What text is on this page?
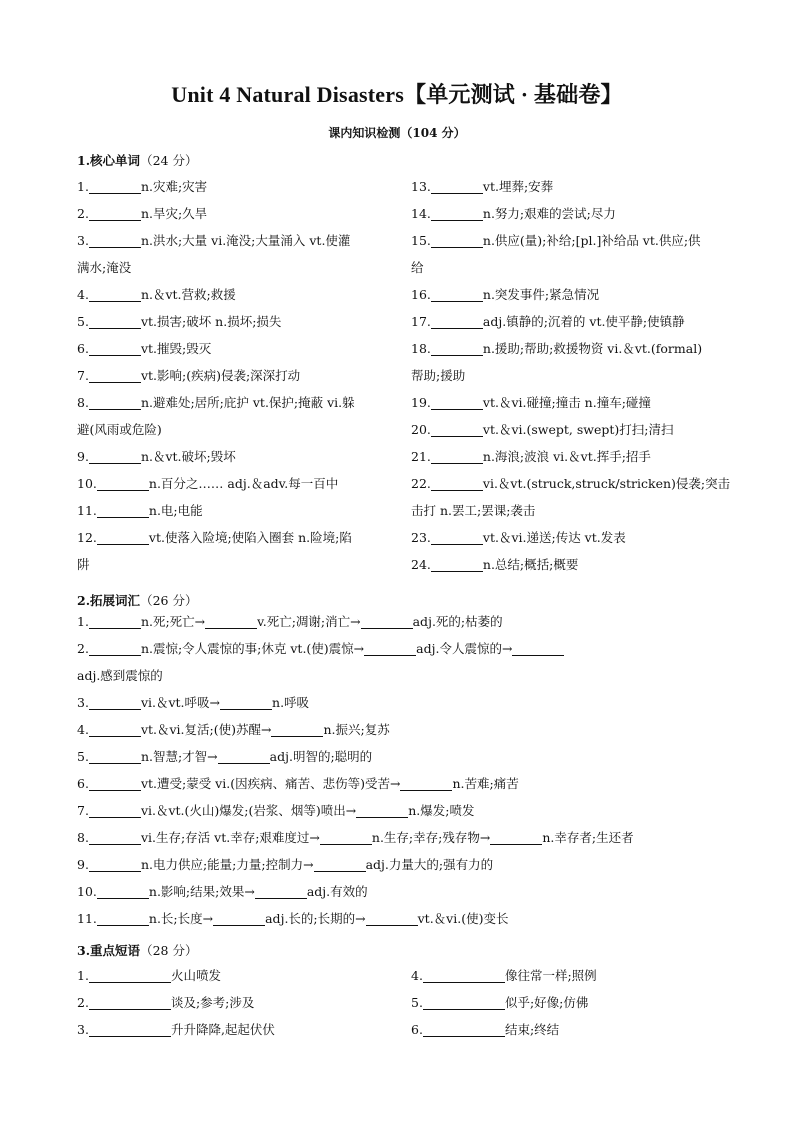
Unit 4 Natural Disasters【单元测试 · 基础卷】
课内知识检测（104 分）
1.核心单词（24 分）
1.	n.灾难;灾害
2.	n.旱灾;久旱
3.	n.洪水;大量 vi.淹没;大量涌入 vt.使灌
满水;淹没
4.	n.＆vt.营救;救援
5.	vt.损害;破坏 n.损坏;损失
6.	vt.摧毁;毁灭
7.	vt.影响;(疾病)侵袭;深深打动
8.	n.避难处;居所;庇护 vt.保护;掩蔽 vi.躲
避(风雨或危险)
9.	n.＆vt.破坏;毁坏
10.	n.百分之…… adj.＆adv.每一百中
11.	n.电;电能
12.	vt.使落入险境;使陷入圈套 n.险境;陷
阱
13.	vt.埋葬;安葬
14.	n.努力;艰难的尝试;尽力
15.	n.供应(量);补给;[pl.]补给品 vt.供应;供
给
16.	n.突发事件;紧急情况
17.	adj.镇静的;沉着的 vt.使平静;使镇静
18.	n.援助;帮助;救援物资 vi.＆vt.(formal)
帮助;援助
19.	vt.＆vi.碰撞;撞击 n.撞车;碰撞
20.	vt.＆vi.(swept, swept)打扫;清扫
21.	n.海浪;波浪 vi.＆vt.挥手;招手
22.	vi.＆vt.(struck,struck/stricken)侵袭;突击
击打 n.罢工;罢课;袭击
23.	vt.＆vi.递送;传达 vt.发表
24.	n.总结;概括;概要
2.拓展词汇（26 分）
1.	n.死;死亡→	v.死亡;凋谢;消亡→	adj.死的;枯萎的
2.	n.震惊;令人震惊的事;休克 vt.(使)震惊→	adj.令人震惊的→
adj.感到震惊的
3.	vi.＆vt.呼吸→	n.呼吸
4.	vt.＆vi.复活;(使)苏醒→	n.振兴;复苏
5.	n.智慧;才智→	adj.明智的;聪明的
6.	vt.遭受;蒙受 vi.(因疾病、痛苦、悲伤等)受苦→	n.苦难;痛苦
7.	vi.＆vt.(火山)爆发;(岩浆、烟等)喷出→	n.爆发;喷发
8.	vi.生存;存活 vt.幸存;艰难度过→	n.生存;幸存;残存物→	n.幸存者;生还者
9.	n.电力供应;能量;力量;控制力→	adj.力量大的;强有力的
10.	n.影响;结果;效果→	adj.有效的
11.	n.长;长度→	adj.长的;长期的→	vt.＆vi.(使)变长
3.重点短语（28 分）
1.	火山喷发
2.	谈及;参考;涉及
3.	升升降降,起起伏伏
4.	像往常一样;照例
5.	似乎;好像;仿佛
6.	结束;终结
